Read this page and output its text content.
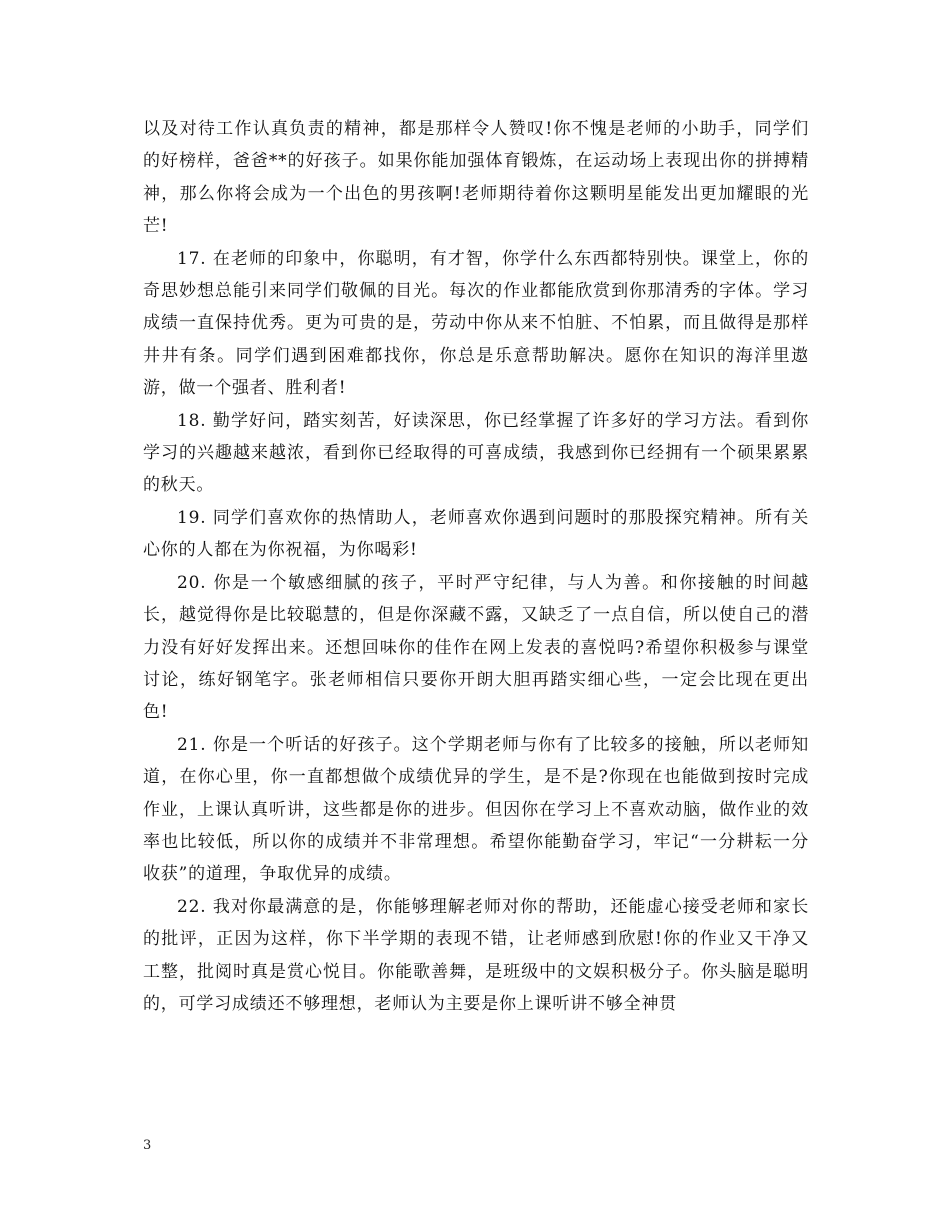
以及对待工作认真负责的精神，都是那样令人赞叹!你不愧是老师的小助手，同学们的好榜样，爸爸**的好孩子。如果你能加强体育锻炼，在运动场上表现出你的拼搏精神，那么你将会成为一个出色的男孩啊!老师期待着你这颗明星能发出更加耀眼的光芒!

17. 在老师的印象中，你聪明，有才智，你学什么东西都特别快。课堂上，你的奇思妙想总能引来同学们敬佩的目光。每次的作业都能欣赏到你那清秀的字体。学习成绩一直保持优秀。更为可贵的是，劳动中你从来不怕脏、不怕累，而且做得是那样井井有条。同学们遇到困难都找你，你总是乐意帮助解决。愿你在知识的海洋里遨游，做一个强者、胜利者!

18. 勤学好问，踏实刻苦，好读深思，你已经掌握了许多好的学习方法。看到你学习的兴趣越来越浓，看到你已经取得的可喜成绩，我感到你已经拥有一个硕果累累的秋天。

19. 同学们喜欢你的热情助人，老师喜欢你遇到问题时的那股探究精神。所有关心你的人都在为你祝福，为你喝彩!

20. 你是一个敏感细腻的孩子，平时严守纪律，与人为善。和你接触的时间越长，越觉得你是比较聪慧的，但是你深藏不露，又缺乏了一点自信，所以使自己的潜力没有好好发挥出来。还想回味你的佳作在网上发表的喜悦吗?希望你积极参与课堂讨论，练好钢笔字。张老师相信只要你开朗大胆再踏实细心些，一定会比现在更出色!

21. 你是一个听话的好孩子。这个学期老师与你有了比较多的接触，所以老师知道，在你心里，你一直都想做个成绩优异的学生，是不是?你现在也能做到按时完成作业，上课认真听讲，这些都是你的进步。但因你在学习上不喜欢动脑，做作业的效率也比较低，所以你的成绩并不非常理想。希望你能勤奋学习，牢记“一分耕耘一分收获”的道理，争取优异的成绩。

22. 我对你最满意的是，你能够理解老师对你的帮助，还能虚心接受老师和家长的批评，正因为这样，你下半学期的表现不错，让老师感到欣慰!你的作业又干净又工整，批阅时真是赏心悦目。你能歌善舞，是班级中的文娱积极分子。你头脑是聪明的，可学习成绩还不够理想，老师认为主要是你上课听讲不够全神贯

3
